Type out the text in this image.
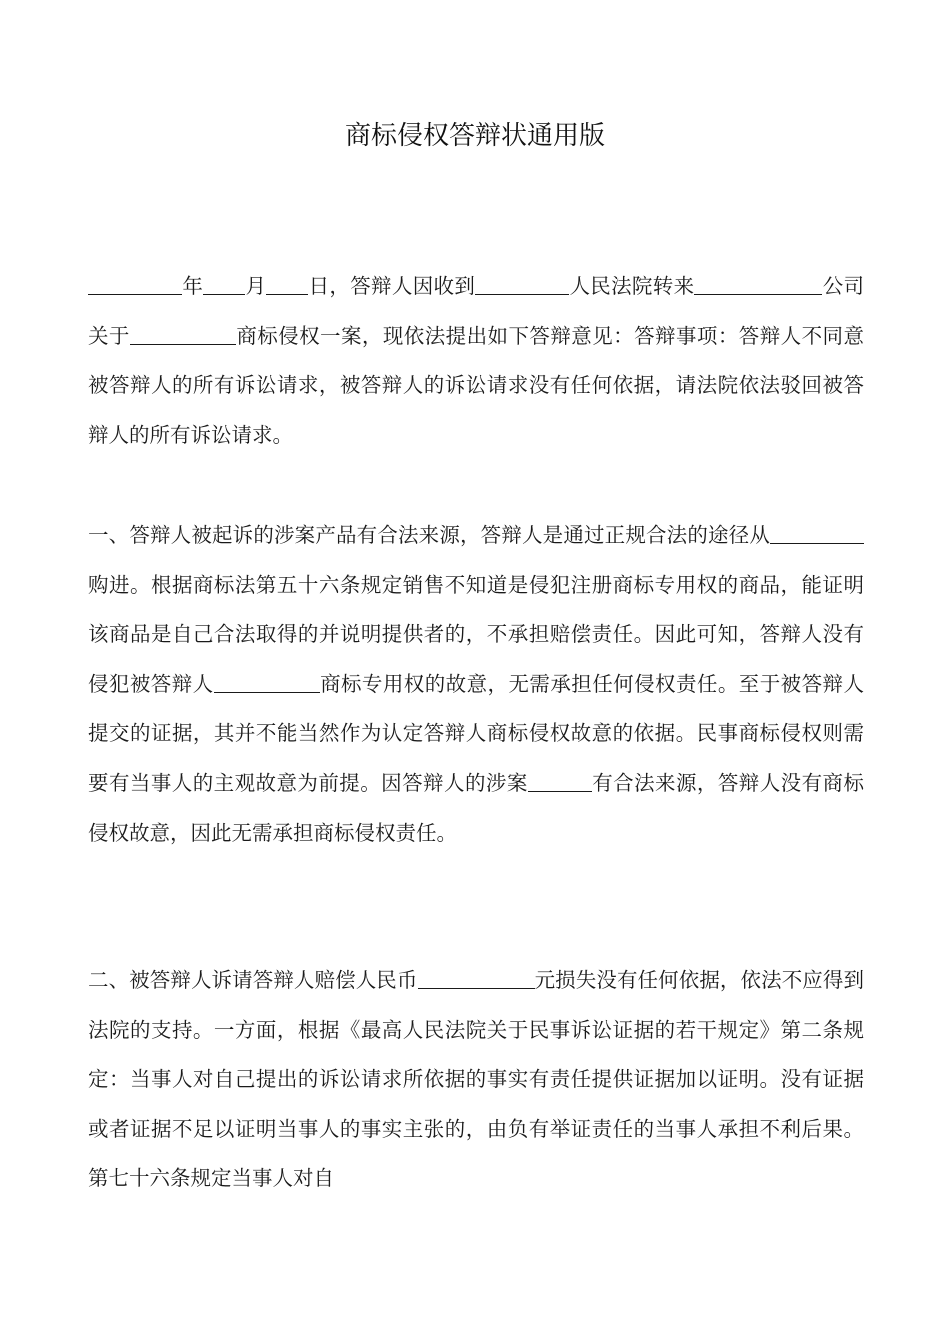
商标侵权答辩状通用版

年 月 日，答辩人因收到	人民法院转来	公司关于	商标侵权一案，现依法提出如下答辩意见：答辩事项：答辩人不同意被答辩人的所有诉讼请求，被答辩人的诉讼请求没有任何依据，请法院依法驳回被答辩人的所有诉讼请求。

一、答辩人被起诉的涉案产品有合法来源，答辩人是通过正规合法的途径从购进。根据商标法第五十六条规定销售不知道是侵犯注册商标专用权的商品，能证明该商品是自己合法取得的并说明提供者的，不承担赔偿责任。因此可知，答辩人没有侵犯被答辩人	商标专用权的故意，无需承担任何侵权责任。至于被答辩人提交的证据，其并不能当然作为认定答辩人商标侵权故意的依据。民事商标侵权则需要有当事人的主观故意为前提。因答辩人的涉案	有合法来源，答辩人没有商标侵权故意，因此无需承担商标侵权责任。

二、被答辩人诉请答辩人赔偿人民币	元损失没有任何依据，依法不应得到法院的支持。一方面，根据《最高人民法院关于民事诉讼证据的若干规定》第二条规定：当事人对自己提出的诉讼请求所依据的事实有责任提供证据加以证明。没有证据或者证据不足以证明当事人的事实主张的，由负有举证责任的当事人承担不利后果。第七十六条规定当事人对自
